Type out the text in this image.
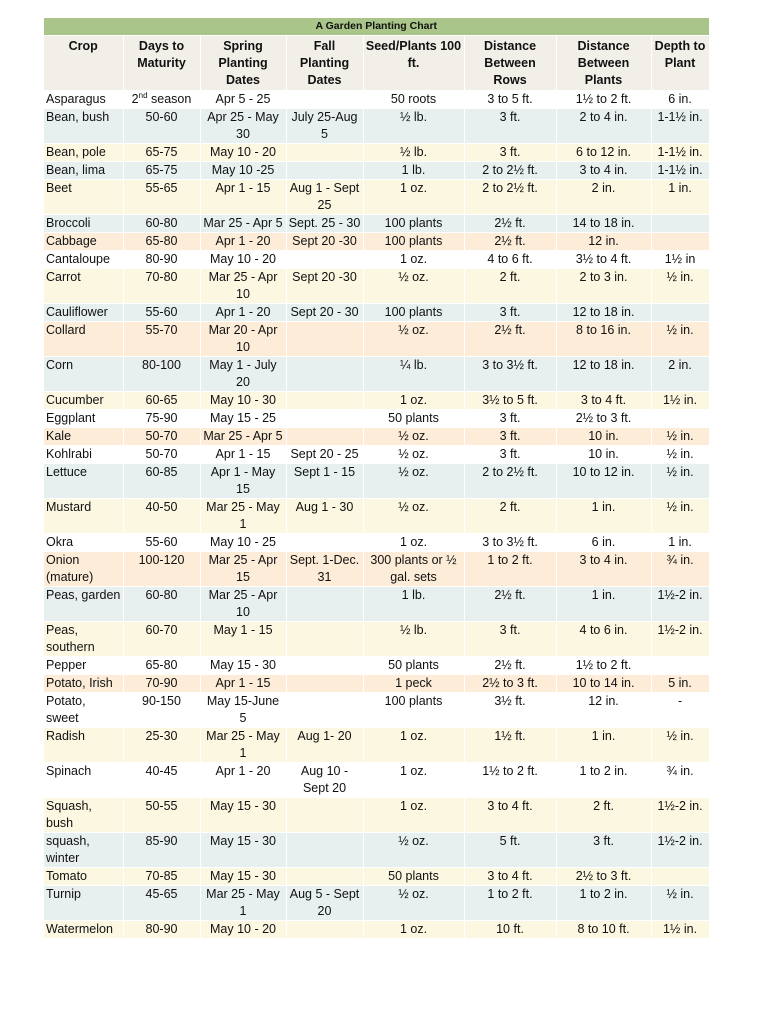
A Garden Planting Chart							
Crop	Days to Maturity	Spring Planting Dates	Fall Planting Dates	Seed/Plants 100 ft.	Distance Between Rows	Distance Between Plants	Depth to Plant
Asparagus	2nd season	Apr 5 - 25		50 roots	3 to 5 ft.	1½ to 2 ft.	6 in.
Bean, bush	50-60	Apr 25 - May 30	July 25-Aug 5	½ lb.	3 ft.	2 to 4 in.	1-1½ in.
Bean, pole	65-75	May 10 - 20		½ lb.	3 ft.	6 to 12 in.	1-1½ in.
Bean, lima	65-75	May 10 -25		1 lb.	2 to 2½ ft.	3 to 4 in.	1-1½ in.
Beet	55-65	Apr 1 - 15	Aug 1 - Sept 25	1 oz.	2 to 2½ ft.	2 in.	1 in.
Broccoli	60-80	Mar 25 - Apr 5	Sept. 25 - 30	100 plants	2½ ft.	14 to 18 in.	
Cabbage	65-80	Apr 1 - 20	Sept 20 -30	100 plants	2½ ft.	12 in.	
Cantaloupe	80-90	May 10 - 20		1 oz.	4 to 6 ft.	3½ to 4 ft.	1½ in
Carrot	70-80	Mar 25 - Apr 10	Sept 20 -30	½ oz.	2 ft.	2 to 3 in.	½ in.
Cauliflower	55-60	Apr 1 - 20	Sept 20 - 30	100 plants	3 ft.	12 to 18 in.	
Collard	55-70	Mar 20 - Apr 10		½ oz.	2½ ft.	8 to 16 in.	½ in.
Corn	80-100	May 1 - July 20		¼ lb.	3 to 3½ ft.	12 to 18 in.	2 in.
Cucumber	60-65	May 10 - 30		1 oz.	3½ to 5 ft.	3 to 4 ft.	1½ in.
Eggplant	75-90	May 15 - 25		50 plants	3 ft.	2½ to 3 ft.	
Kale	50-70	Mar 25 - Apr 5		½ oz.	3 ft.	10 in.	½ in.
Kohlrabi	50-70	Apr 1 - 15	Sept 20 - 25	½ oz.	3 ft.	10 in.	½ in.
Lettuce	60-85	Apr 1 - May 15	Sept 1 - 15	½ oz.	2 to 2½ ft.	10 to 12 in.	½ in.
Mustard	40-50	Mar 25 - May 1	Aug 1 - 30	½ oz.	2 ft.	1 in.	½ in.
Okra	55-60	May 10 - 25		1 oz.	3 to 3½ ft.	6 in.	1 in.
Onion (mature)	100-120	Mar 25 - Apr 15	Sept. 1-Dec. 31	300 plants or ½ gal. sets	1 to 2 ft.	3 to 4 in.	¾ in.
Peas, garden	60-80	Mar 25 - Apr 10		1 lb.	2½ ft.	1 in.	1½-2 in.
Peas, southern	60-70	May 1 - 15		½ lb.	3 ft.	4 to 6 in.	1½-2 in.
Pepper	65-80	May 15 - 30		50 plants	2½ ft.	1½ to 2 ft.	
Potato, Irish	70-90	Apr 1 - 15		1 peck	2½ to 3 ft.	10 to 14 in.	5 in.
Potato, sweet	90-150	May 15-June 5		100 plants	3½ ft.	12 in.	-
Radish	25-30	Mar 25 - May 1	Aug 1- 20	1 oz.	1½ ft.	1 in.	½ in.
Spinach	40-45	Apr 1 - 20	Aug 10 - Sept 20	1 oz.	1½ to 2 ft.	1 to 2 in.	¾ in.
Squash, bush	50-55	May 15 - 30		1 oz.	3 to 4 ft.	2 ft.	1½-2 in.
squash, winter	85-90	May 15 - 30		½ oz.	5 ft.	3 ft.	1½-2 in.
Tomato	70-85	May 15 - 30		50 plants	3 to 4 ft.	2½ to 3 ft.	
Turnip	45-65	Mar 25 - May 1	Aug 5 - Sept 20	½ oz.	1 to 2 ft.	1 to 2 in.	½ in.
Watermelon	80-90	May 10 - 20		1 oz.	10 ft.	8 to 10 ft.	1½ in.
